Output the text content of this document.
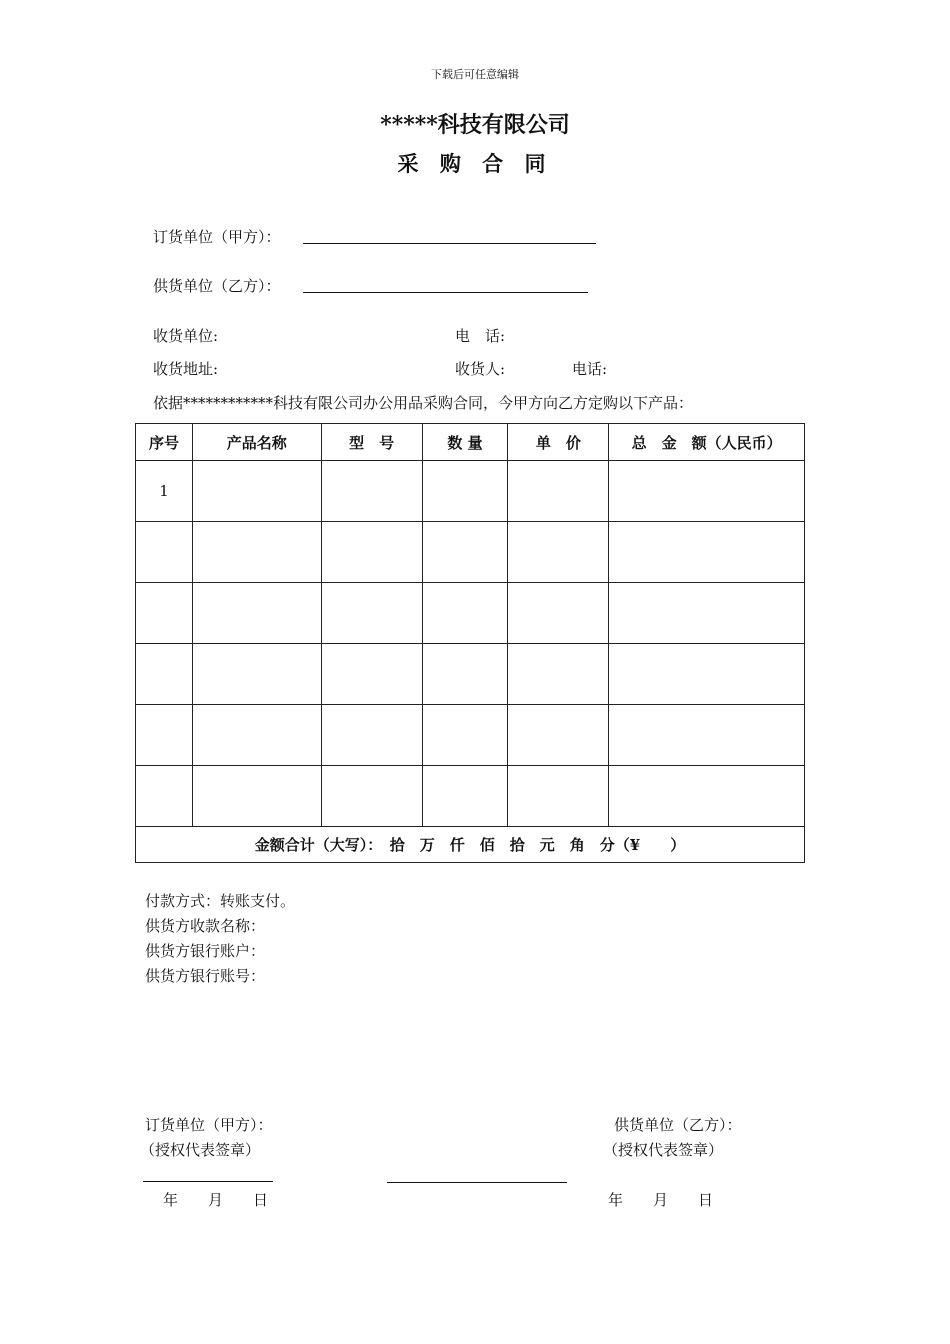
下载后可任意编辑
*****科技有限公司
采 购 合 同
订货单位（甲方）：
供货单位（乙方）：
收货单位:	电　话:
收货地址:	收货人:	电话:
依据************科技有限公司办公用品采购合同，今甲方向乙方定购以下产品：
序号	产品名称	型　号	数 量	单　价	总　金　额（人民币）
1					

金额合计（大写）：　拾　万　仟　佰　拾　元　角　分（¥　　）					
付款方式：转账支付。
供货方收款名称：
供货方银行账户：
供货方银行账号：
订货单位（甲方）：
（授权代表签章）
供货单位（乙方）：
（授权代表签章）
年　　月　　日	年　　月　　日
